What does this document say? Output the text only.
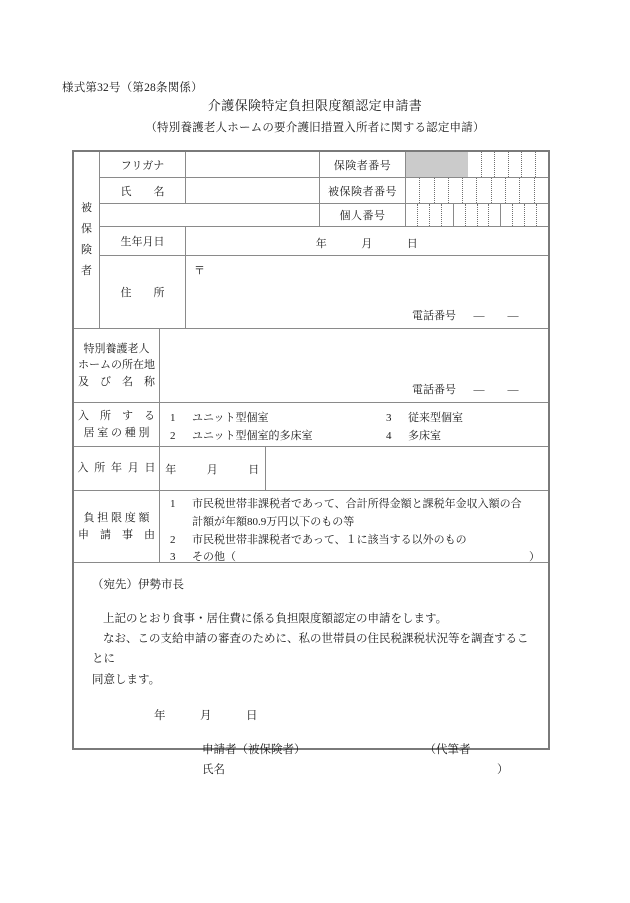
様式第32号（第28条関係）
介護保険特定負担限度額認定申請書
（特別養護老人ホームの要介護旧措置入所者に関する認定申請）
被
保
険
者
フリガナ	保険者番号
氏　　名	被保険者番号
個人番号
生年月日	年	月	日
住　　所
〒
電話番号 — —
特別養護老人
ホームの所在地
及　び　名　称
電話番号 — —
入　所　す　る
居 室 の 種 別
1	ユニット型個室	3	従来型個室
2	ユニット型個室的多床室	4	多床室
入 所 年 月 日 年	月	日
負 担 限 度 額
申　請　事　由
1	市民税世帯非課税者であって、合計所得金額と課税年金収入額の合
計額が年額80.9万円以下のもの等
2	市民税世帯非課税者であって、１に該当する以外のもの
3	その他（	）
（宛先）伊勢市長

上記のとおり食事・居住費に係る負担限度額認定の申請をします。

なお、この支給申請の審査のために、私の世帯員の住民税課税状況等を調査することに

同意します。

年	月	日
申請者（被保険者）氏名
（代筆者）
